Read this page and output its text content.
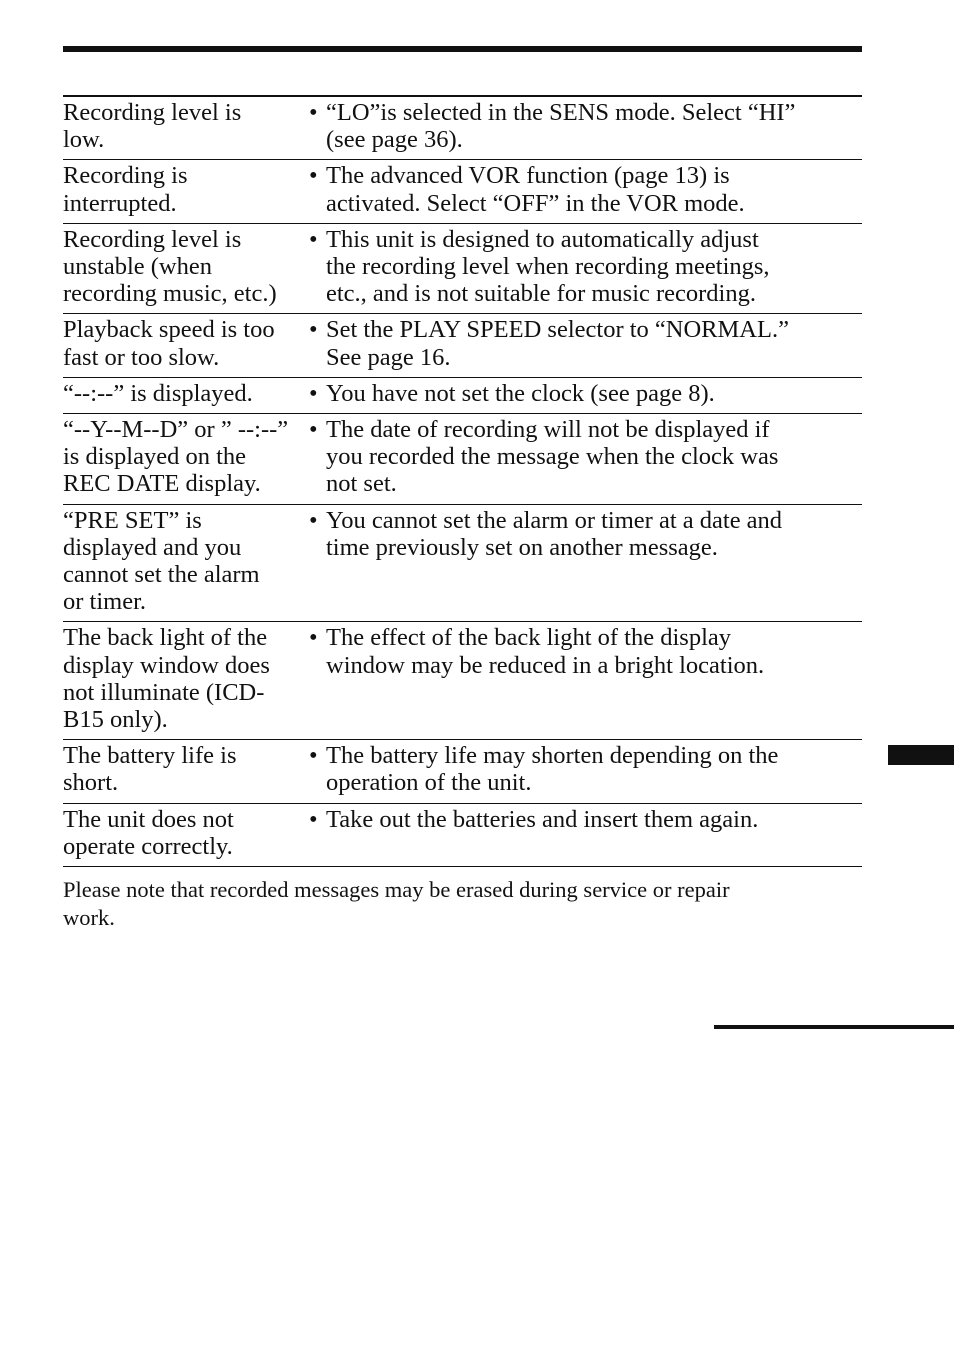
Recording level is
low.
• “LO”is selected in the SENS mode. Select “HI”
(see page 36).
Recording is
interrupted.
• The advanced VOR function (page 13) is
activated. Select “OFF” in the VOR mode.
Recording level is
unstable (when
recording music, etc.)
• This unit is designed to automatically adjust
the recording level when recording meetings,
etc., and is not suitable for music recording.
Playback speed is too
fast or too slow.
• Set the PLAY SPEED selector to “NORMAL.”
See page 16.
“--:--” is displayed.	• You have not set the clock (see page 8).
“--Y--M--D” or ” --:--”
is displayed on the
REC DATE display.
• The date of recording will not be displayed if
you recorded the message when the clock was
not set.
“PRE SET” is
displayed and you
cannot set the alarm
or timer.
• You cannot set the alarm or timer at a date and
time previously set on another message.
The back light of the
display window does
not illuminate (ICD-
B15 only).
• The effect of the back light of the display
window may be reduced in a bright location.
The battery life is
short.
• The battery life may shorten depending on the
operation of the unit.
The unit does not
operate correctly.
• Take out the batteries and insert them again.
Please note that recorded messages may be erased during service or repair
work.
